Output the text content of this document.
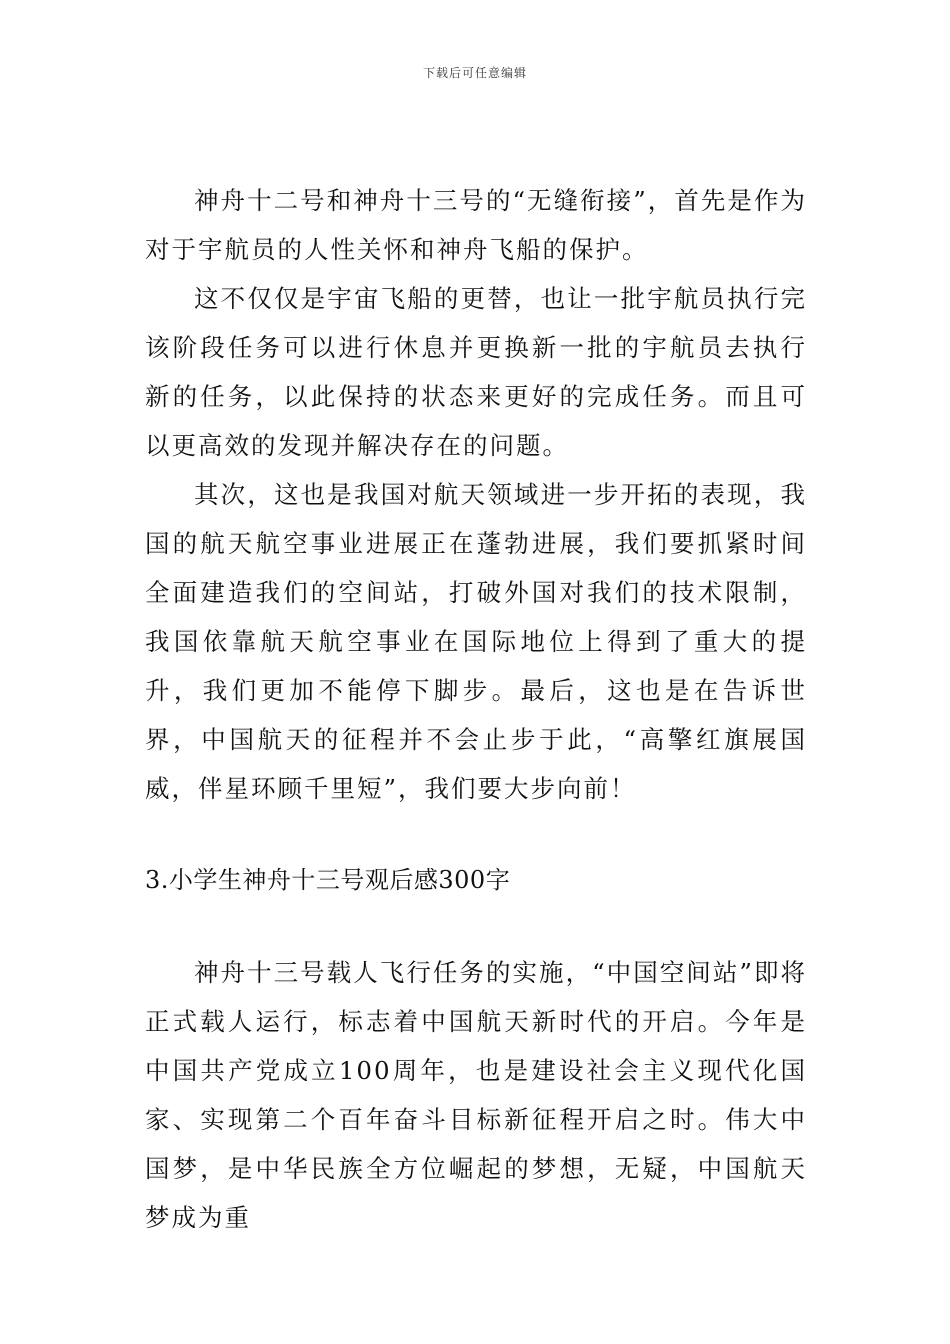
下载后可任意编辑

神舟十二号和神舟十三号的“无缝衔接”，首先是作为对于宇航员的人性关怀和神舟飞船的保护。

这不仅仅是宇宙飞船的更替，也让一批宇航员执行完该阶段任务可以进行休息并更换新一批的宇航员去执行新的任务，以此保持的状态来更好的完成任务。而且可以更高效的发现并解决存在的问题。

其次，这也是我国对航天领域进一步开拓的表现，我国的航天航空事业进展正在蓬勃进展，我们要抓紧时间全面建造我们的空间站，打破外国对我们的技术限制，我国依靠航天航空事业在国际地位上得到了重大的提升，我们更加不能停下脚步。最后，这也是在告诉世界，中国航天的征程并不会止步于此，“高擎红旗展国威，伴星环顾千里短”，我们要大步向前！

3.小学生神舟十三号观后感300字

神舟十三号载人飞行任务的实施，“中国空间站”即将正式载人运行，标志着中国航天新时代的开启。今年是中国共产党成立100周年，也是建设社会主义现代化国家、实现第二个百年奋斗目标新征程开启之时。伟大中国梦，是中华民族全方位崛起的梦想，无疑，中国航天梦成为重
